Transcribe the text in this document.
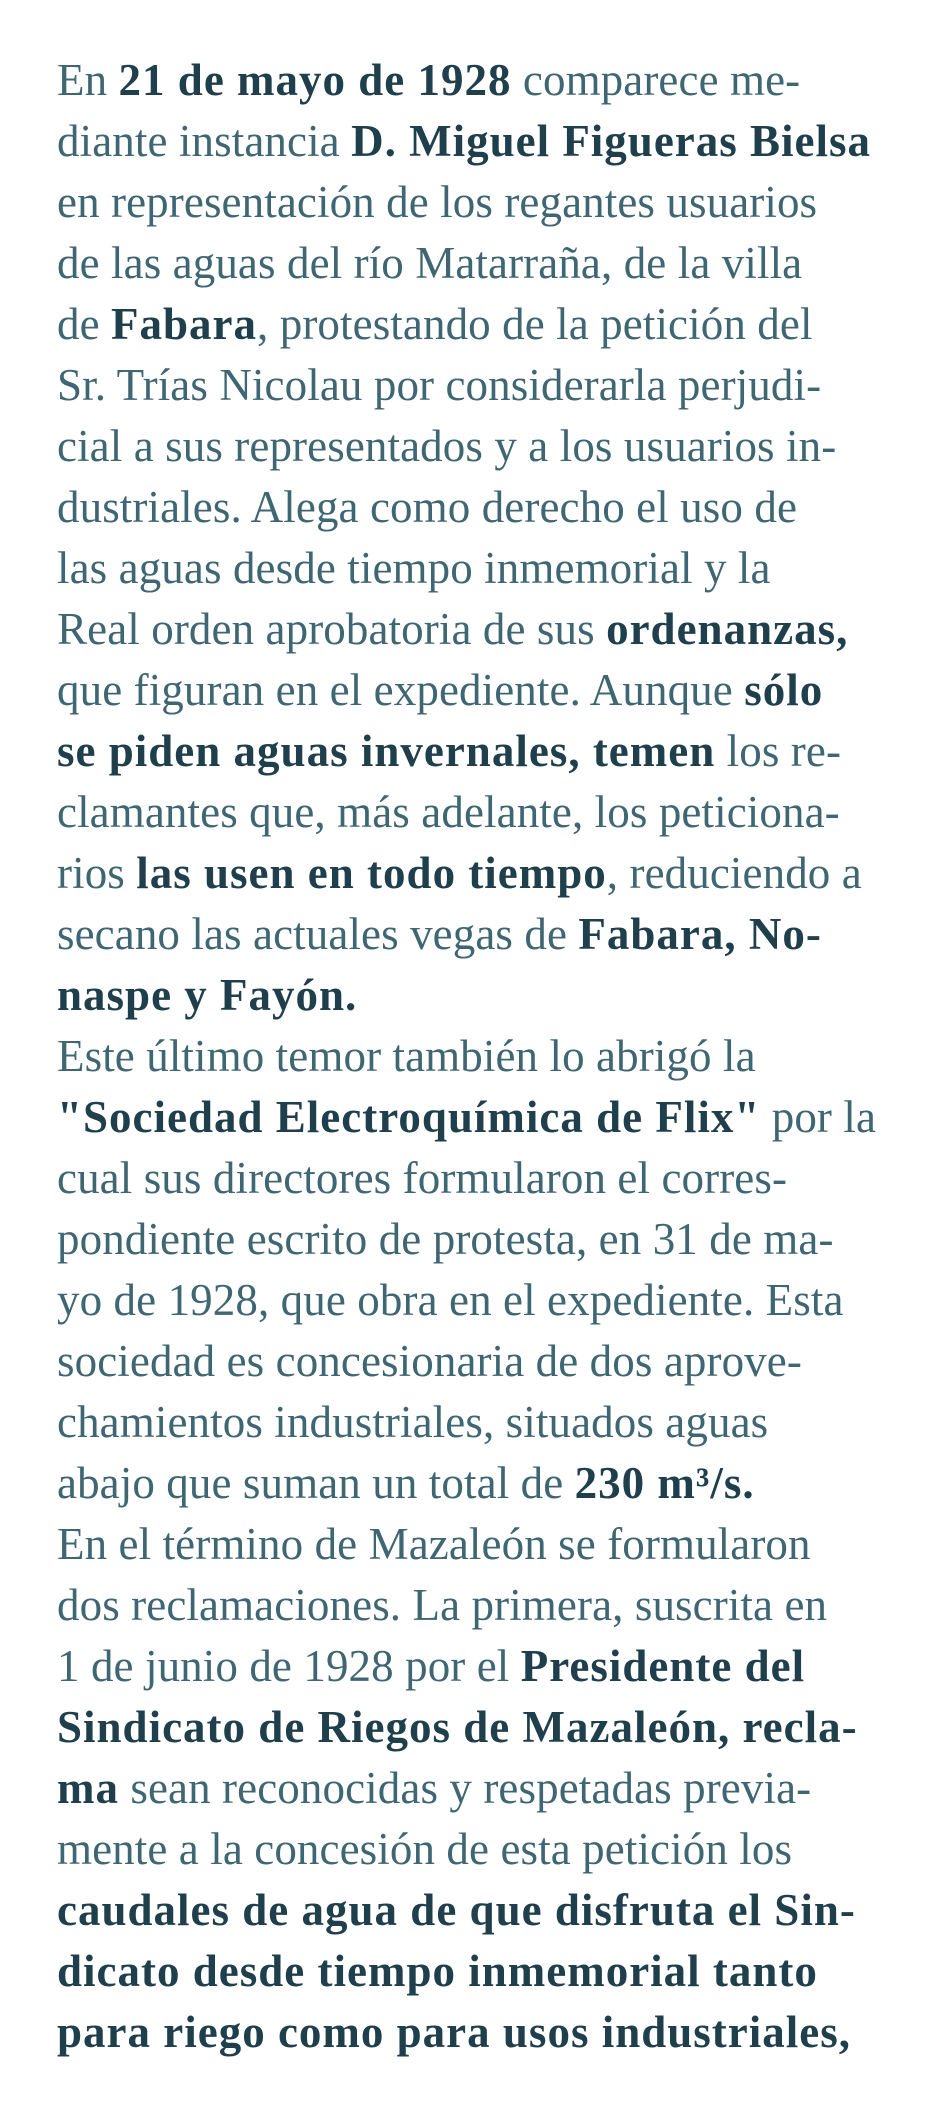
En 21 de mayo de 1928 comparece me-
diante instancia D. Miguel Figueras Bielsa
en representación de los regantes usuarios
de las aguas del río Matarraña, de la villa
de Fabara, protestando de la petición del
Sr. Trías Nicolau por considerarla perjudi-
cial a sus representados y a los usuarios in-
dustriales. Alega como derecho el uso de
las aguas desde tiempo inmemorial y la
Real orden aprobatoria de sus ordenanzas,
que figuran en el expediente. Aunque sólo
se piden aguas invernales, temen los re-
clamantes que, más adelante, los peticiona-
rios las usen en todo tiempo, reduciendo a
secano las actuales vegas de Fabara, No-
naspe y Fayón.
Este último temor también lo abrigó la
"Sociedad Electroquímica de Flix" por la
cual sus directores formularon el corres-
pondiente escrito de protesta, en 31 de ma-
yo de 1928, que obra en el expediente. Esta
sociedad es concesionaria de dos aprove-
chamientos industriales, situados aguas
abajo que suman un total de 230 m³/s.
En el término de Mazaleón se formularon
dos reclamaciones. La primera, suscrita en
1 de junio de 1928 por el Presidente del
Sindicato de Riegos de Mazaleón, recla-
ma sean reconocidas y respetadas previa-
mente a la concesión de esta petición los
caudales de agua de que disfruta el Sin-
dicato desde tiempo inmemorial tanto
para riego como para usos industriales,
